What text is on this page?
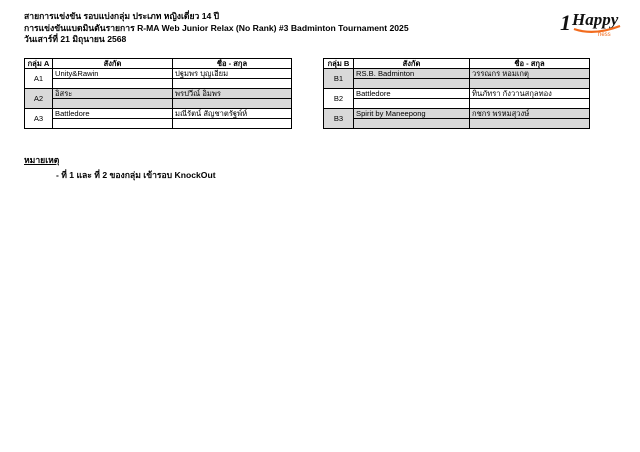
สายการแข่งขัน รอบแบ่งกลุ่ม ประเภท หญิงเดี่ยว 14 ปี
การแข่งขันแบดมินตันรายการ R-MA Web Junior Relax (No Rank) #3 Badminton Tournament 2025
วันเสาร์ที่ 21 มิถุนายน 2568
1 Happy
ness
กลุ่ม A	สังกัด	ชื่อ - สกุล
A1	Unity&Rawin	ปฐมพร บุญเอี่ยม

A2	อิสระ	พรปวีณ์ อิ่มพร

A3	Battledore	มณีรัตน์ สัญชาตรัฐพ์ห์

กลุ่ม B	สังกัด	ชื่อ - สกุล
B1	RS.B. Badminton	วรรณกร หอมเกตุ

B2	Battledore	ทินภัทรา กังวานสกุลทอง

B3	Spirit by Maneepong	กชกร พรหมสุวงษ์

หมายเหตุ
- ที่ 1 และ ที่ 2 ของกลุ่ม เข้ารอบ KnockOut
